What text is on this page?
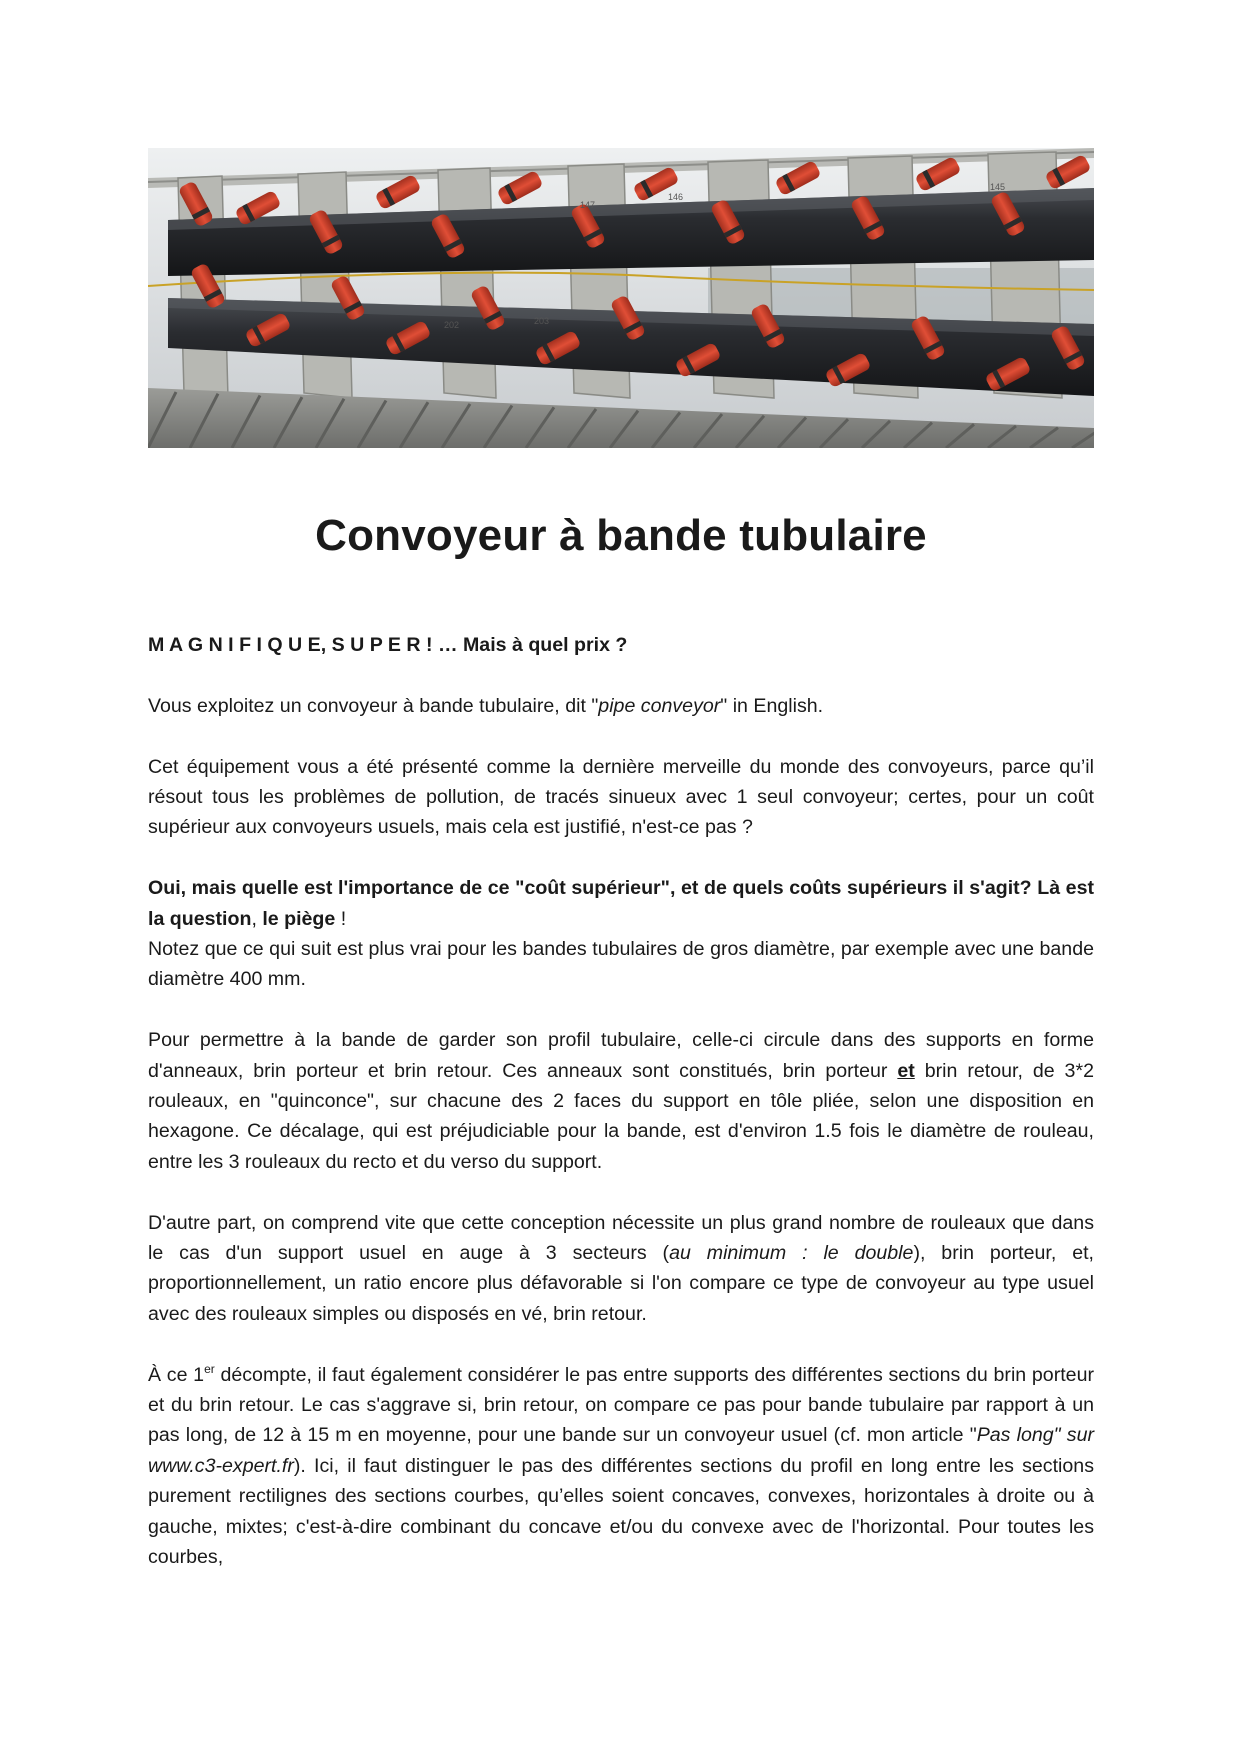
147
146
145
202	203
Convoyeur à bande tubulaire

M A G N I F I Q U E, S U P E R ! … Mais à quel prix ?

Vous exploitez un convoyeur à bande tubulaire, dit "pipe conveyor" in English.

Cet équipement vous a été présenté comme la dernière merveille du monde des convoyeurs, parce qu’il résout tous les problèmes de pollution, de tracés sinueux avec 1 seul convoyeur; certes, pour un coût supérieur aux convoyeurs usuels, mais cela est justifié, n'est-ce pas ?

Oui, mais quelle est l'importance de ce "coût supérieur", et de quels coûts supérieurs il s'agit? Là est la question, le piège !

Notez que ce qui suit est plus vrai pour les bandes tubulaires de gros diamètre, par exemple avec une bande diamètre 400 mm.

Pour permettre à la bande de garder son profil tubulaire, celle-ci circule dans des supports en forme d'anneaux, brin porteur et brin retour. Ces anneaux sont constitués, brin porteur et brin retour, de 3*2 rouleaux, en "quinconce", sur chacune des 2 faces du support en tôle pliée, selon une disposition en hexagone. Ce décalage, qui est préjudiciable pour la bande, est d'environ 1.5 fois le diamètre de rouleau, entre les 3 rouleaux du recto et du verso du support.

D'autre part, on comprend vite que cette conception nécessite un plus grand nombre de rouleaux que dans le cas d'un support usuel en auge à 3 secteurs (au minimum : le double), brin porteur, et, proportionnellement, un ratio encore plus défavorable si l'on compare ce type de convoyeur au type usuel avec des rouleaux simples ou disposés en vé, brin retour.

À ce 1er décompte, il faut également considérer le pas entre supports des différentes sections du brin porteur et du brin retour. Le cas s'aggrave si, brin retour, on compare ce pas pour bande tubulaire par rapport à un pas long, de 12 à 15 m en moyenne, pour une bande sur un convoyeur usuel (cf. mon article "Pas long" sur www.c3-expert.fr). Ici, il faut distinguer le pas des différentes sections du profil en long entre les sections purement rectilignes des sections courbes, qu’elles soient concaves, convexes, horizontales à droite ou à gauche, mixtes; c'est-à-dire combinant du concave et/ou du convexe avec de l'horizontal. Pour toutes les courbes,
